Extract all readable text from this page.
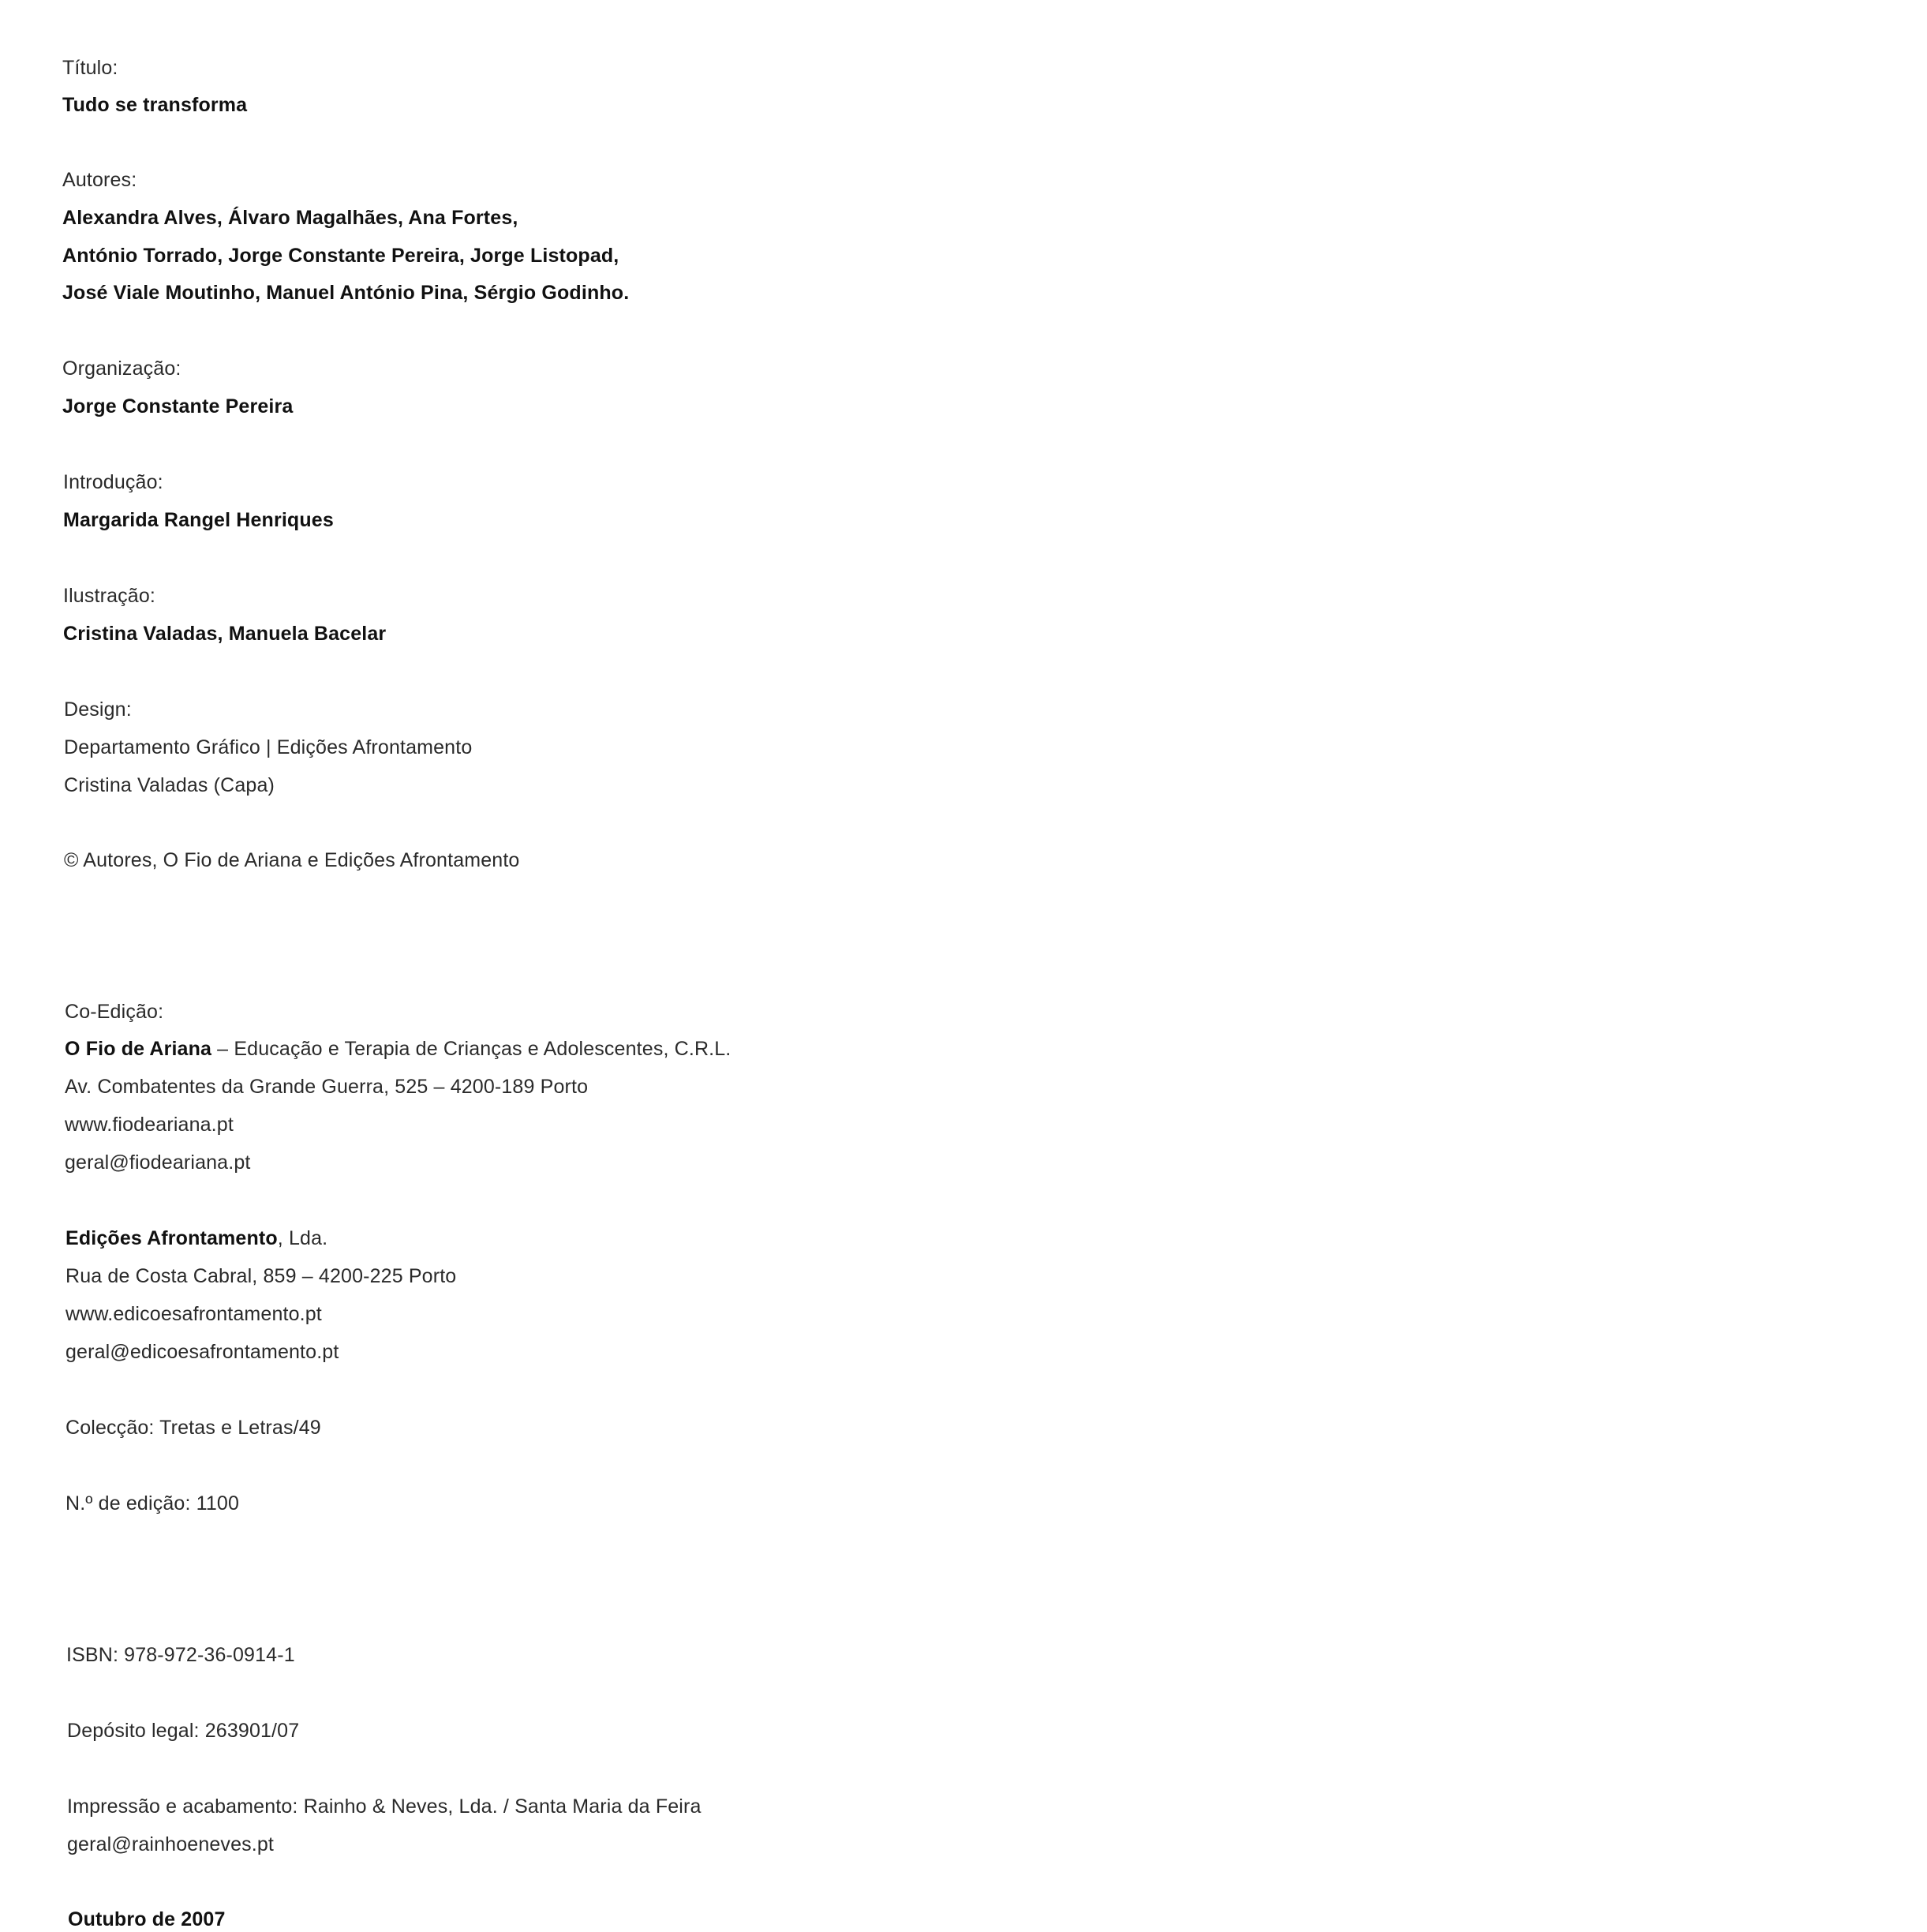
Título:
Tudo se transforma
Autores:
Alexandra Alves, Álvaro Magalhães, Ana Fortes,
António Torrado, Jorge Constante Pereira, Jorge Listopad,
José Viale Moutinho, Manuel António Pina, Sérgio Godinho.
Organização:
Jorge Constante Pereira
Introdução:
Margarida Rangel Henriques
Ilustração:
Cristina Valadas, Manuela Bacelar
Design:
Departamento Gráfico | Edições Afrontamento
Cristina Valadas (Capa)
© Autores, O Fio de Ariana e Edições Afrontamento
Co-Edição:
O Fio de Ariana – Educação e Terapia de Crianças e Adolescentes, C.R.L.
Av. Combatentes da Grande Guerra, 525 – 4200-189 Porto
www.fiodeariana.pt
geral@fiodeariana.pt
Edições Afrontamento, Lda.
Rua de Costa Cabral, 859 – 4200-225 Porto
www.edicoesafrontamento.pt
geral@edicoesafrontamento.pt
Colecção: Tretas e Letras/49
N.º de edição: 1100
ISBN: 978-972-36-0914-1
Depósito legal: 263901/07
Impressão e acabamento: Rainho & Neves, Lda. / Santa Maria da Feira
geral@rainhoeneves.pt
Outubro de 2007
